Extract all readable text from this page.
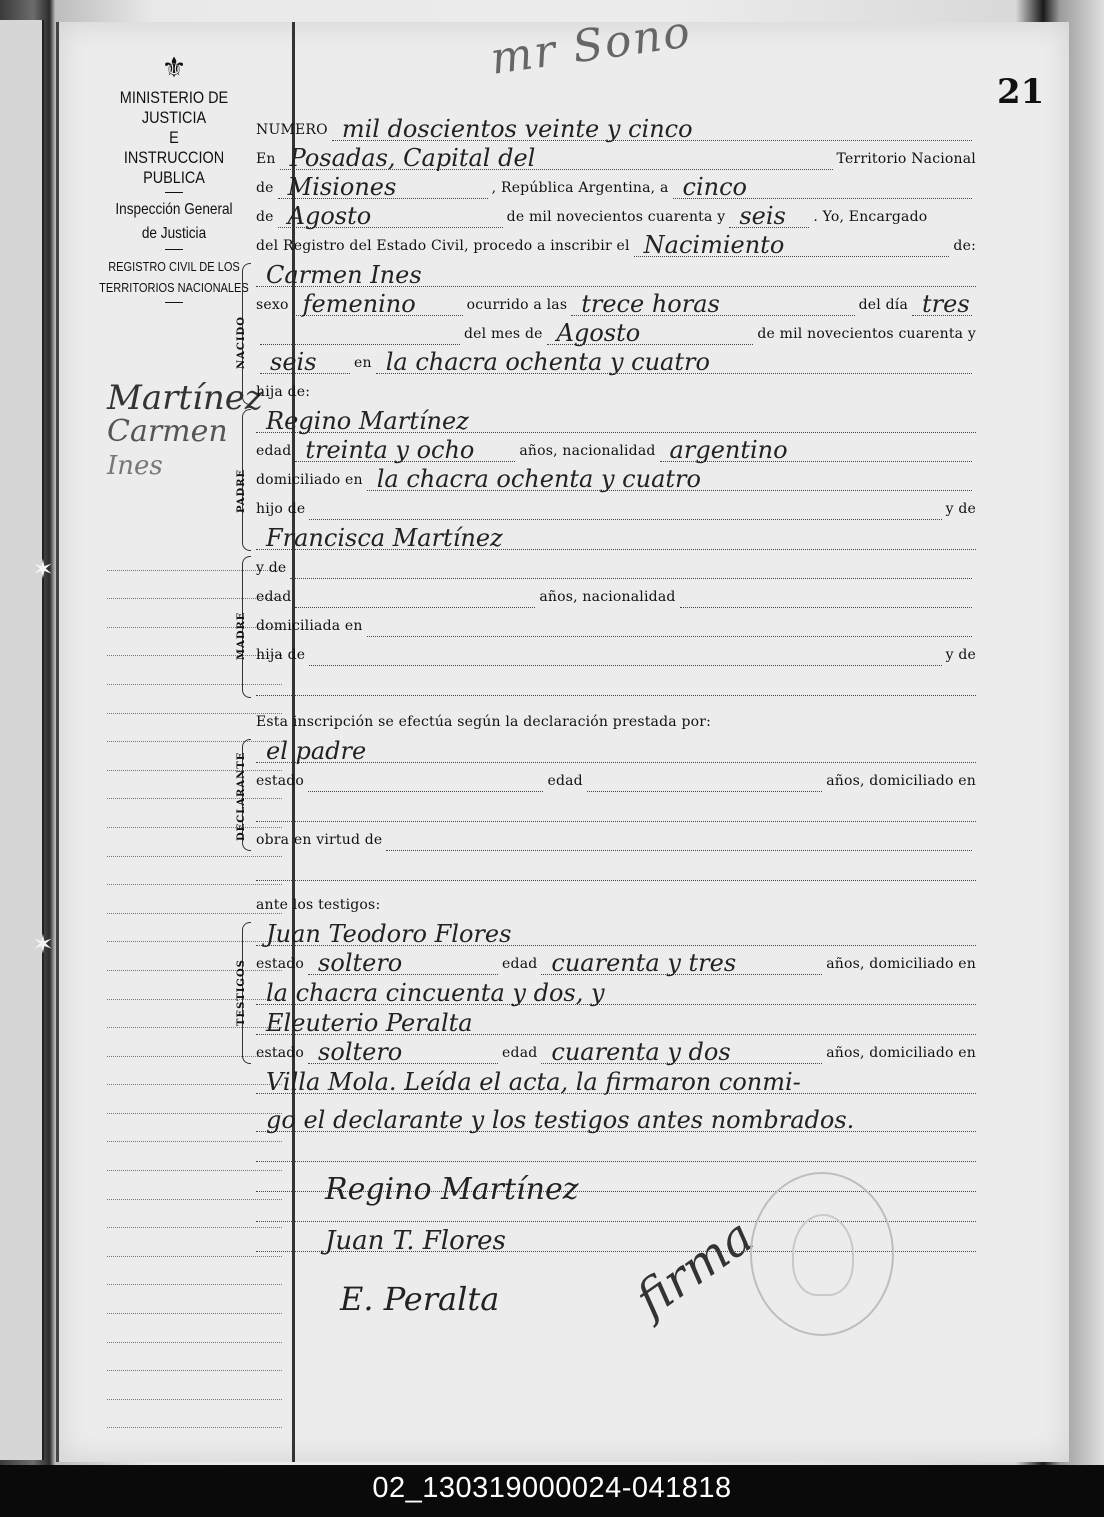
✶
✶
⚜
MINISTERIO DE JUSTICIA
E
INSTRUCCION PUBLICA
Inspección General
de Justicia
REGISTRO CIVIL DE LOS
TERRITORIOS NACIONALES
Martínez
Carmen
Ines
21
mr Sono
NUMERO mil doscientos veinte y cinco
En Posadas, Capital del	Territorio Nacional
de Misiones	, República Argentina, a cinco
de Agosto	de mil novecientos cuarenta y seis . Yo, Encargado
del Registro del Estado Civil, procedo a inscribir el Nacimiento	de:
NACIDO
Carmen Ines
sexo femenino	ocurrido a las trece horas	del día tres
del mes de Agosto	de mil novecientos cuarenta y
seis	en la chacra ochenta y cuatro
hija de:
PADRE
Regino Martínez
edad treinta y ocho	años, nacionalidad argentino
domiciliado en la chacra ochenta y cuatro
hijo de	y de
Francisca Martínez
MADRE
y de
edad	años, nacionalidad
domiciliada en
hija de	y de
Esta inscripción se efectúa según la declaración prestada por:
DECLARANTE
el padre
estado	edad	años, domiciliado en
obra en virtud de
ante los testigos:
TESTIGOS
Juan Teodoro Flores
estado soltero	edad cuarenta y tres	años, domiciliado en
la chacra cincuenta y dos, y
Eleuterio Peralta
estado soltero	edad cuarenta y dos	años, domiciliado en
Villa Mola. Leída el acta, la firmaron conmi-
go el declarante y los testigos antes nombrados.
Regino Martínez
Juan T. Flores
E. Peralta	firma
02_130319000024-041818
